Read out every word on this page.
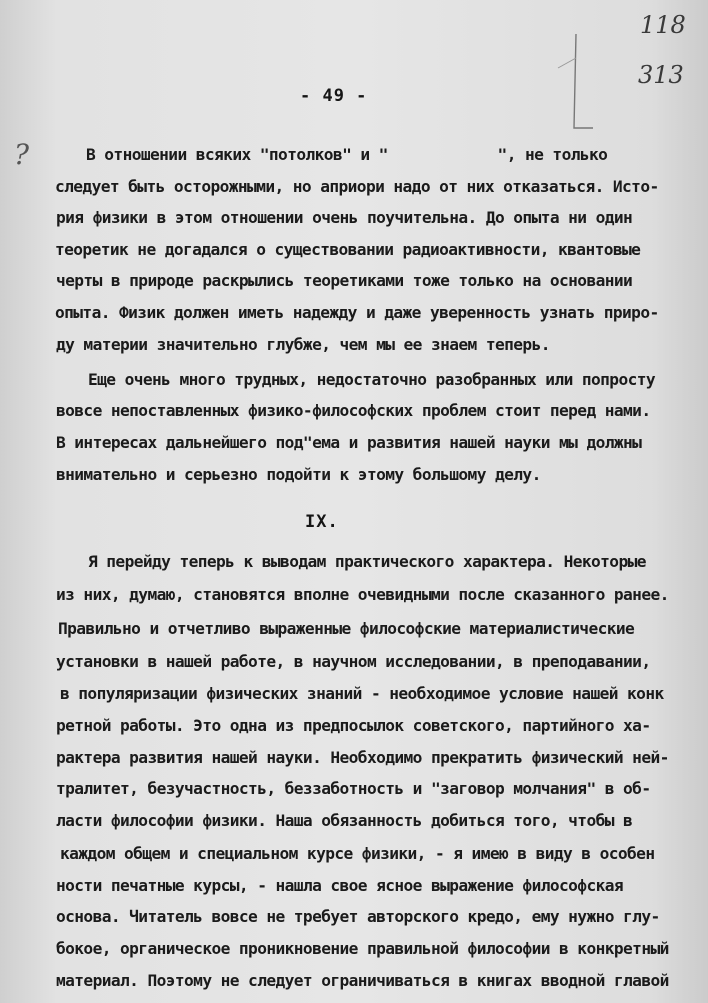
118
313
?
- 49 -
В отношении всяких "потолков" и "            ", не только
следует быть осторожными, но априори надо от них отказаться. Исто-
рия физики в этом отношении очень поучительна. До опыта ни один
теоретик не догадался о существовании радиоактивности, квантовые
черты в природе раскрылись теоретиками тоже только на основании
опыта. Физик должен иметь надежду и даже уверенность узнать приро-
ду материи значительно глубже, чем мы ее знаем теперь.
Еще очень много трудных, недостаточно разобранных или попросту
вовсе непоставленных физико-философских проблем стоит перед нами.
В интересах дальнейшего под"ема и развития нашей науки мы должны
внимательно и серьезно подойти к этому большому делу.
IX.
Я перейду теперь к выводам практического характера. Некоторые
из них, думаю, становятся вполне очевидными после сказанного ранее.
Правильно и отчетливо выраженные философские материалистические
установки в нашей работе, в научном исследовании, в преподавании,
в популяризации физических знаний - необходимое условие нашей конк
ретной работы. Это одна из предпосылок советского, партийного ха-
рактера развития нашей науки. Необходимо прекратить физический ней-
тралитет, безучастность, беззаботность и "заговор молчания" в об-
ласти философии физики. Наша обязанность добиться того, чтобы в
каждом общем и специальном курсе физики, - я имею в виду в особен
ности печатные курсы, - нашла свое ясное выражение философская
основа. Читатель вовсе не требует авторского кредо, ему нужно глу-
бокое, органическое проникновение правильной философии в конкретный
материал. Поэтому не следует ограничиваться в книгах вводной главой
